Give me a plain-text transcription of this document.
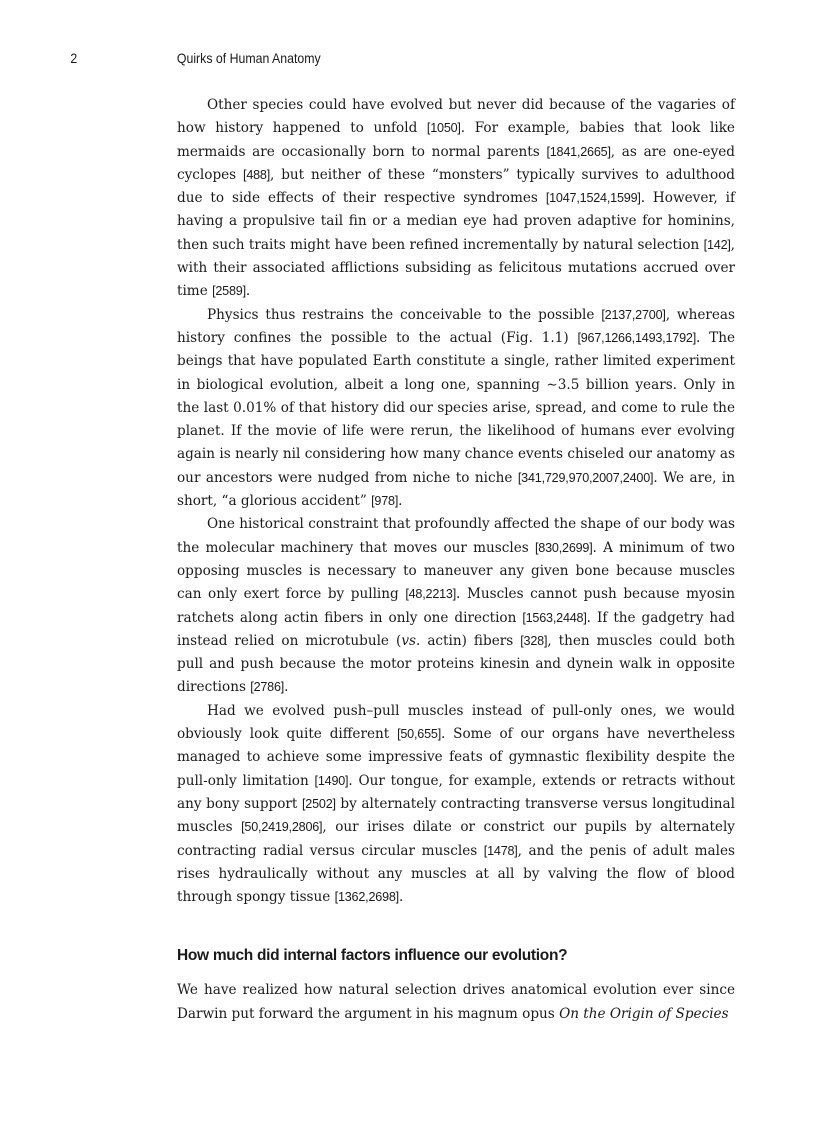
2	Quirks of Human Anatomy

Other species could have evolved but never did because of the vagaries of how history happened to unfold [1050]. For example, babies that look like mermaids are occasionally born to normal parents [1841,2665], as are one-eyed cyclopes [488], but neither of these “monsters” typically survives to adulthood due to side effects of their respective syndromes [1047,1524,1599]. However, if having a propulsive tail fin or a median eye had proven adaptive for hominins, then such traits might have been refined incrementally by natural selection [142], with their associated afflictions subsiding as felicitous mutations accrued over time [2589].

Physics thus restrains the conceivable to the possible [2137,2700], whereas history confines the possible to the actual (Fig. 1.1) [967,1266,1493,1792]. The beings that have populated Earth constitute a single, rather limited experiment in biological evolution, albeit a long one, spanning ∼3.5 billion years. Only in the last 0.01% of that history did our species arise, spread, and come to rule the planet. If the movie of life were rerun, the likelihood of humans ever evolving again is nearly nil considering how many chance events chiseled our anatomy as our ancestors were nudged from niche to niche [341,729,970,2007,2400]. We are, in short, “a glorious accident” [978].

One historical constraint that profoundly affected the shape of our body was the molecular machinery that moves our muscles [830,2699]. A minimum of two opposing muscles is necessary to maneuver any given bone because muscles can only exert force by pulling [48,2213]. Muscles cannot push because myosin ratchets along actin fibers in only one direction [1563,2448]. If the gadgetry had instead relied on microtubule (vs. actin) fibers [328], then muscles could both pull and push because the motor proteins kinesin and dynein walk in opposite directions [2786].

Had we evolved push–pull muscles instead of pull-only ones, we would obviously look quite different [50,655]. Some of our organs have nevertheless managed to achieve some impressive feats of gymnastic flexibility despite the pull-only limitation [1490]. Our tongue, for example, extends or retracts without any bony support [2502] by alternately contracting transverse versus longitudinal muscles [50,2419,2806], our irises dilate or constrict our pupils by alternately contracting radial versus circular muscles [1478], and the penis of adult males rises hydraulically without any muscles at all by valving the flow of blood through spongy tissue [1362,2698].

How much did internal factors influence our evolution?

We have realized how natural selection drives anatomical evolution ever since Darwin put forward the argument in his magnum opus On the Origin of Species
